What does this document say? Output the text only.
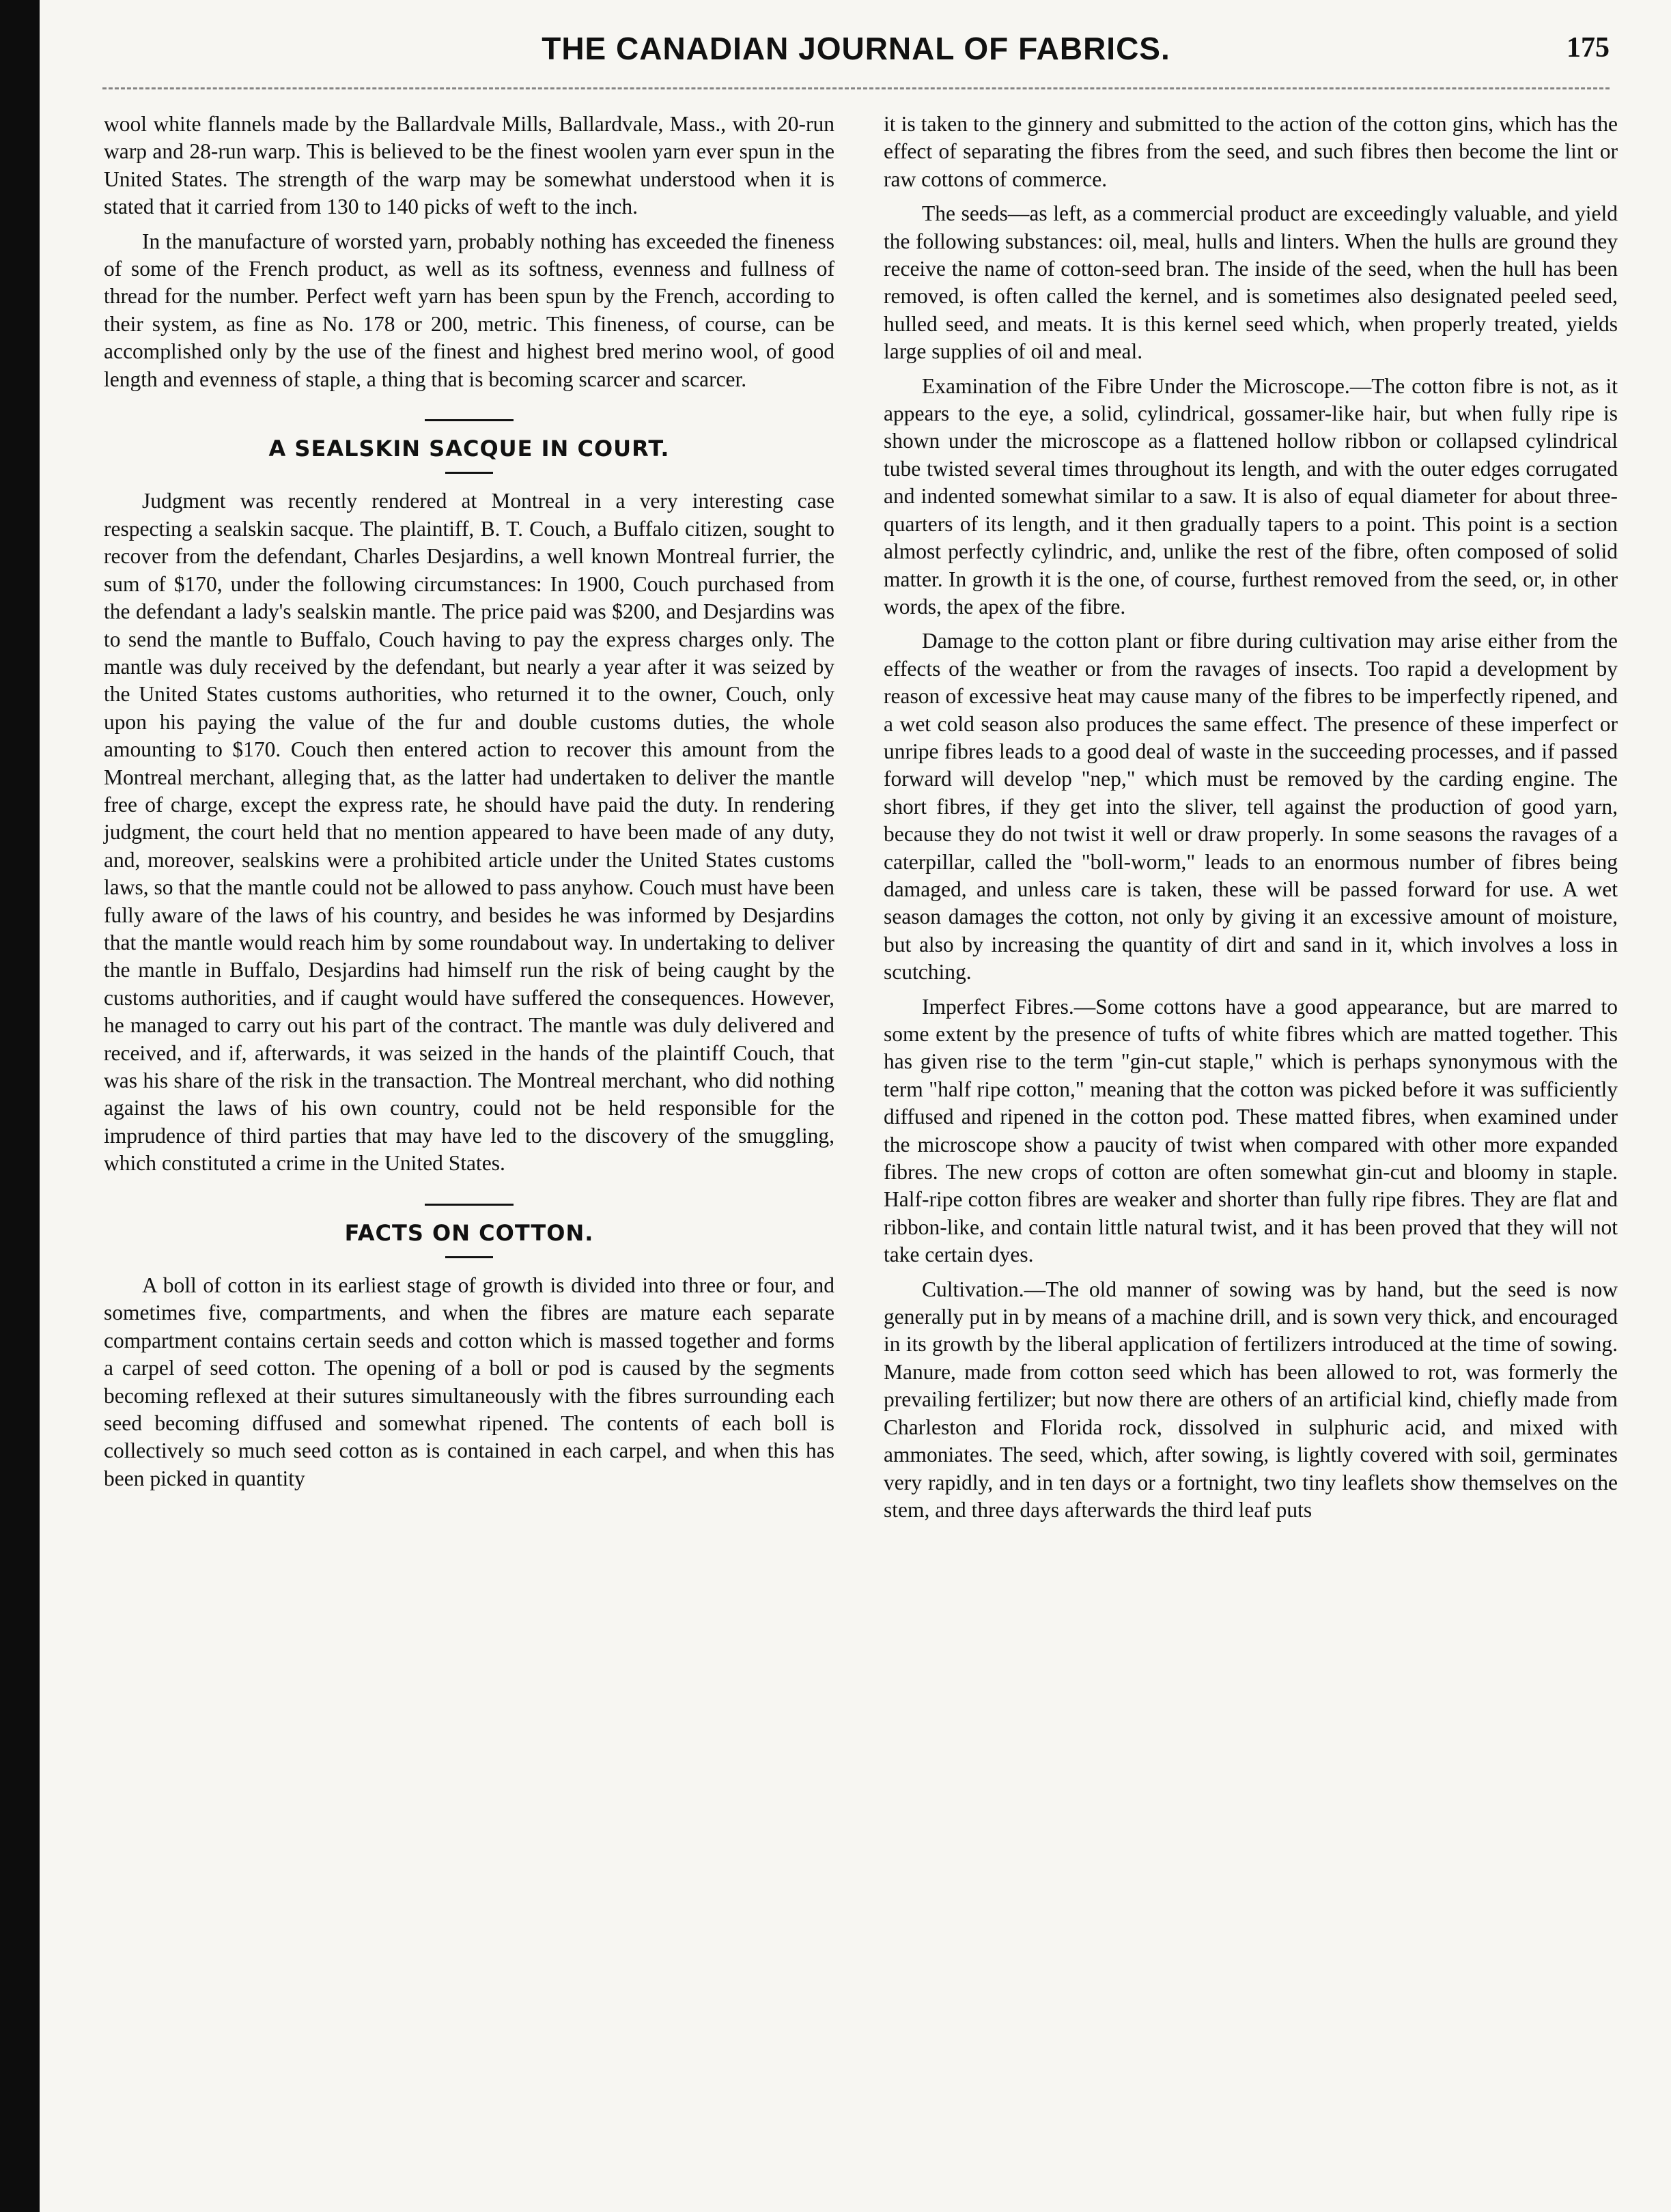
THE CANADIAN JOURNAL OF FABRICS.	175

wool white flannels made by the Ballardvale Mills, Ballardvale, Mass., with 20-run warp and 28-run warp. This is believed to be the finest woolen yarn ever spun in the United States. The strength of the warp may be somewhat understood when it is stated that it carried from 130 to 140 picks of weft to the inch.

In the manufacture of worsted yarn, probably nothing has exceeded the fineness of some of the French product, as well as its softness, evenness and fullness of thread for the number. Perfect weft yarn has been spun by the French, according to their system, as fine as No. 178 or 200, metric. This fineness, of course, can be accomplished only by the use of the finest and highest bred merino wool, of good length and evenness of staple, a thing that is becoming scarcer and scarcer.

A SEALSKIN SACQUE IN COURT.

Judgment was recently rendered at Montreal in a very interesting case respecting a sealskin sacque. The plaintiff, B. T. Couch, a Buffalo citizen, sought to recover from the defendant, Charles Desjardins, a well known Montreal furrier, the sum of $170, under the following circumstances: In 1900, Couch purchased from the defendant a lady's sealskin mantle. The price paid was $200, and Desjardins was to send the mantle to Buffalo, Couch having to pay the express charges only. The mantle was duly received by the defendant, but nearly a year after it was seized by the United States customs authorities, who returned it to the owner, Couch, only upon his paying the value of the fur and double customs duties, the whole amounting to $170. Couch then entered action to recover this amount from the Montreal merchant, alleging that, as the latter had undertaken to deliver the mantle free of charge, except the express rate, he should have paid the duty. In rendering judgment, the court held that no mention appeared to have been made of any duty, and, moreover, sealskins were a prohibited article under the United States customs laws, so that the mantle could not be allowed to pass anyhow. Couch must have been fully aware of the laws of his country, and besides he was informed by Desjardins that the mantle would reach him by some roundabout way. In undertaking to deliver the mantle in Buffalo, Desjardins had himself run the risk of being caught by the customs authorities, and if caught would have suffered the consequences. However, he managed to carry out his part of the contract. The mantle was duly delivered and received, and if, afterwards, it was seized in the hands of the plaintiff Couch, that was his share of the risk in the transaction. The Montreal merchant, who did nothing against the laws of his own country, could not be held responsible for the imprudence of third parties that may have led to the discovery of the smuggling, which constituted a crime in the United States.

FACTS ON COTTON.

A boll of cotton in its earliest stage of growth is divided into three or four, and sometimes five, compartments, and when the fibres are mature each separate compartment contains certain seeds and cotton which is massed together and forms a carpel of seed cotton. The opening of a boll or pod is caused by the segments becoming reflexed at their sutures simultaneously with the fibres surrounding each seed becoming diffused and somewhat ripened. The contents of each boll is collectively so much seed cotton as is contained in each carpel, and when this has been picked in quantity

it is taken to the ginnery and submitted to the action of the cotton gins, which has the effect of separating the fibres from the seed, and such fibres then become the lint or raw cottons of commerce.

The seeds—as left, as a commercial product are exceedingly valuable, and yield the following substances: oil, meal, hulls and linters. When the hulls are ground they receive the name of cotton-seed bran. The inside of the seed, when the hull has been removed, is often called the kernel, and is sometimes also designated peeled seed, hulled seed, and meats. It is this kernel seed which, when properly treated, yields large supplies of oil and meal.

Examination of the Fibre Under the Microscope.—The cotton fibre is not, as it appears to the eye, a solid, cylindrical, gossamer-like hair, but when fully ripe is shown under the microscope as a flattened hollow ribbon or collapsed cylindrical tube twisted several times throughout its length, and with the outer edges corrugated and indented somewhat similar to a saw. It is also of equal diameter for about three-quarters of its length, and it then gradually tapers to a point. This point is a section almost perfectly cylindric, and, unlike the rest of the fibre, often composed of solid matter. In growth it is the one, of course, furthest removed from the seed, or, in other words, the apex of the fibre.

Damage to the cotton plant or fibre during cultivation may arise either from the effects of the weather or from the ravages of insects. Too rapid a development by reason of excessive heat may cause many of the fibres to be imperfectly ripened, and a wet cold season also produces the same effect. The presence of these imperfect or unripe fibres leads to a good deal of waste in the succeeding processes, and if passed forward will develop "nep," which must be removed by the carding engine. The short fibres, if they get into the sliver, tell against the production of good yarn, because they do not twist it well or draw properly. In some seasons the ravages of a caterpillar, called the "boll-worm," leads to an enormous number of fibres being damaged, and unless care is taken, these will be passed forward for use. A wet season damages the cotton, not only by giving it an excessive amount of moisture, but also by increasing the quantity of dirt and sand in it, which involves a loss in scutching.

Imperfect Fibres.—Some cottons have a good appearance, but are marred to some extent by the presence of tufts of white fibres which are matted together. This has given rise to the term "gin-cut staple," which is perhaps synonymous with the term "half ripe cotton," meaning that the cotton was picked before it was sufficiently diffused and ripened in the cotton pod. These matted fibres, when examined under the microscope show a paucity of twist when compared with other more expanded fibres. The new crops of cotton are often somewhat gin-cut and bloomy in staple. Half-ripe cotton fibres are weaker and shorter than fully ripe fibres. They are flat and ribbon-like, and contain little natural twist, and it has been proved that they will not take certain dyes.

Cultivation.—The old manner of sowing was by hand, but the seed is now generally put in by means of a machine drill, and is sown very thick, and encouraged in its growth by the liberal application of fertilizers introduced at the time of sowing. Manure, made from cotton seed which has been allowed to rot, was formerly the prevailing fertilizer; but now there are others of an artificial kind, chiefly made from Charleston and Florida rock, dissolved in sulphuric acid, and mixed with ammoniates. The seed, which, after sowing, is lightly covered with soil, germinates very rapidly, and in ten days or a fortnight, two tiny leaflets show themselves on the stem, and three days afterwards the third leaf puts
